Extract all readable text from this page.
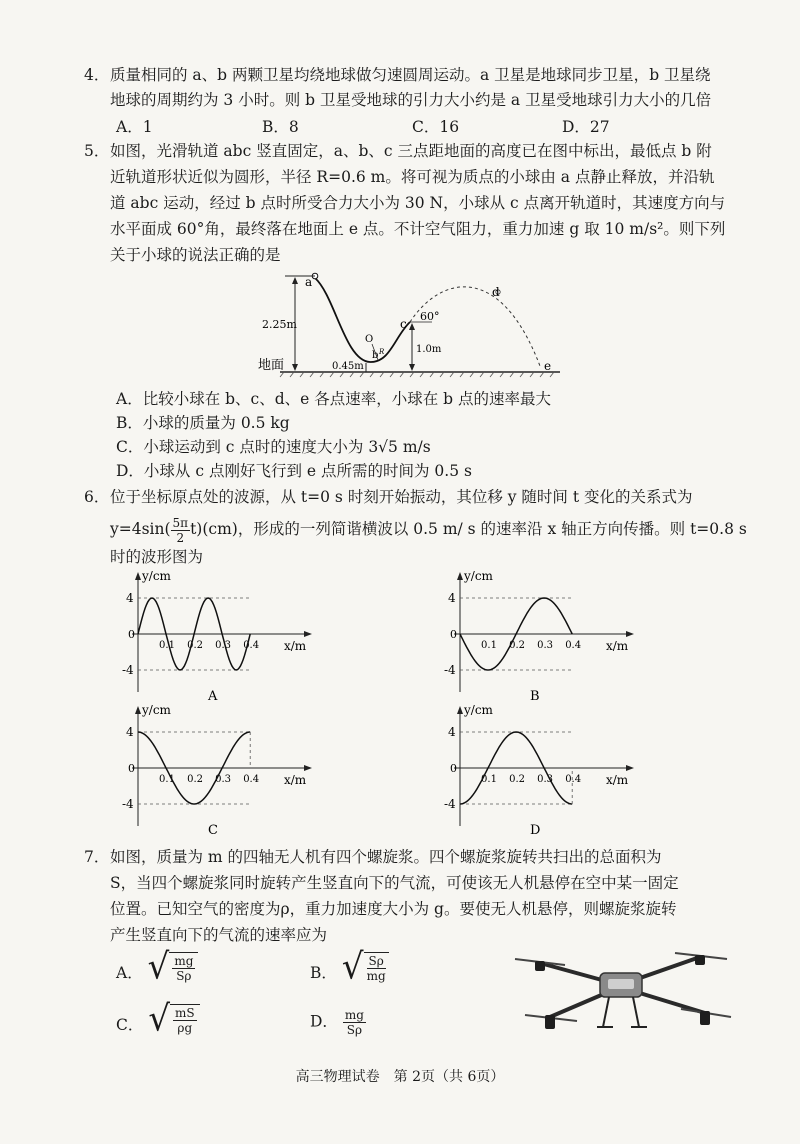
4． 质量相同的 a、b 两颗卫星均绕地球做匀速圆周运动。a 卫星是地球同步卫星，b 卫星绕
地球的周期约为 3 小时。则 b 卫星受地球的引力大小约是 a 卫星受地球引力大小的几倍
A．1	B．8	C．16	D．27
5． 如图，光滑轨道 abc 竖直固定，a、b、c 三点距地面的高度已在图中标出，最低点 b 附
近轨道形状近似为圆形，半径 R=0.6 m。将可视为质点的小球由 a 点静止释放，并沿轨
道 abc 运动，经过 b 点时所受合力大小为 30 N，小球从 c 点离开轨道时，其速度方向与
水平面成 60°角，最终落在地面上 e 点。不计空气阻力，重力加速 g 取 10 m/s²。则下列
关于小球的说法正确的是
a
c
d
e
b
O
R
2.25m
0.45m
1.0m
60°
地面
A．比较小球在 b、c、d、e 各点速率，小球在 b 点的速率最大
B．小球的质量为 0.5 kg
C．小球运动到 c 点时的速度大小为 3√5 m/s
D．小球从 c 点刚好飞行到 e 点所需的时间为 0.5 s
6． 位于坐标原点处的波源，从 t=0 s 时刻开始振动，其位移 y 随时间 t 变化的关系式为
$y=4\sin( \frac{5\pi}{2} t)(cm)$，形成的一列简谐横波以 0.5 m/ s 的速率沿 x 轴正方向传播。则 t=0.8 s
时的波形图为
y/cm
x/m
4
-4
0
0.1 0.2 0.3 0.4
A
y/cm
x/m
4
-4
0
0.1 0.2 0.3 0.4
B
y/cm
x/m
4
-4
0
0.1 0.2 0.3 0.4
C
y/cm
x/m
4
-4
0
0.1 0.2 0.3 0.4
D
7． 如图，质量为 m 的四轴无人机有四个螺旋浆。四个螺旋浆旋转共扫出的总面积为
S，当四个螺旋浆同时旋转产生竖直向下的气流，可使该无人机悬停在空中某一固定
位置。已知空气的密度为ρ，重力加速度大小为 g。要使无人机悬停，则螺旋浆旋转
产生竖直向下的气流的速率应为
A． √ $\frac{mg}{S\rho}$	B． √ $\frac{S\rho}{mg}$
C． √ $\frac{mS}{\rho g}$	D． $\frac{mg}{S\rho}$
高三物理试卷　第 2页（共 6页）
